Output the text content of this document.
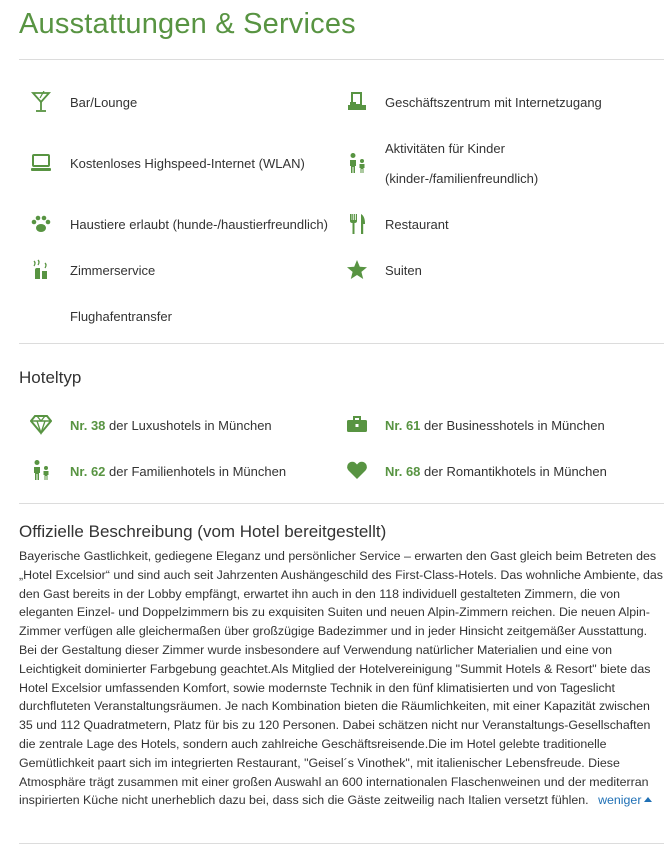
Ausstattungen & Services
Bar/Lounge
Kostenloses Highspeed-Internet (WLAN)
Haustiere erlaubt (hunde-/haustierfreundlich)
Zimmerservice
Flughafentransfer
Geschäftszentrum mit Internetzugang
Aktivitäten für Kinder
(kinder-/familienfreundlich)
Restaurant
Suiten
Hoteltyp
Nr. 38 der Luxushotels in München	Nr. 61 der Businesshotels in München
Nr. 62 der Familienhotels in München	Nr. 68 der Romantikhotels in München
Offizielle Beschreibung (vom Hotel bereitgestellt)

Bayerische Gastlichkeit, gediegene Eleganz und persönlicher Service – erwarten den Gast gleich beim Betreten des „Hotel Excelsior“ und sind auch seit Jahrzenten Aushängeschild des First-Class-Hotels. Das wohnliche Ambiente, das den Gast bereits in der Lobby empfängt, erwartet ihn auch in den 118 individuell gestalteten Zimmern, die von eleganten Einzel- und Doppelzimmern bis zu exquisiten Suiten und neuen Alpin-Zimmern reichen. Die neuen Alpin-Zimmer verfügen alle gleichermaßen über großzügige Badezimmer und in jeder Hinsicht zeitgemäßer Ausstattung. Bei der Gestaltung dieser Zimmer wurde insbesondere auf Verwendung natürlicher Materialien und eine von Leichtigkeit dominierter Farbgebung geachtet.Als Mitglied der Hotelvereinigung "Summit Hotels & Resort" biete das Hotel Excelsior umfassenden Komfort, sowie modernste Technik in den fünf klimatisierten und von Tageslicht durchfluteten Veranstaltungsräumen. Je nach Kombination bieten die Räumlichkeiten, mit einer Kapazität zwischen 35 und 112 Quadratmetern, Platz für bis zu 120 Personen. Dabei schätzen nicht nur Veranstaltungs-Gesellschaften die zentrale Lage des Hotels, sondern auch zahlreiche Geschäftsreisende.Die im Hotel gelebte traditionelle Gemütlichkeit paart sich im integrierten Restaurant, "Geisel´s Vinothek", mit italienischer Lebensfreude. Diese Atmosphäre trägt zusammen mit einer großen Auswahl an 600 internationalen Flaschenweinen und der mediterran inspirierten Küche nicht unerheblich dazu bei, dass sich die Gäste zeitweilig nach Italien versetzt fühlen. weniger
